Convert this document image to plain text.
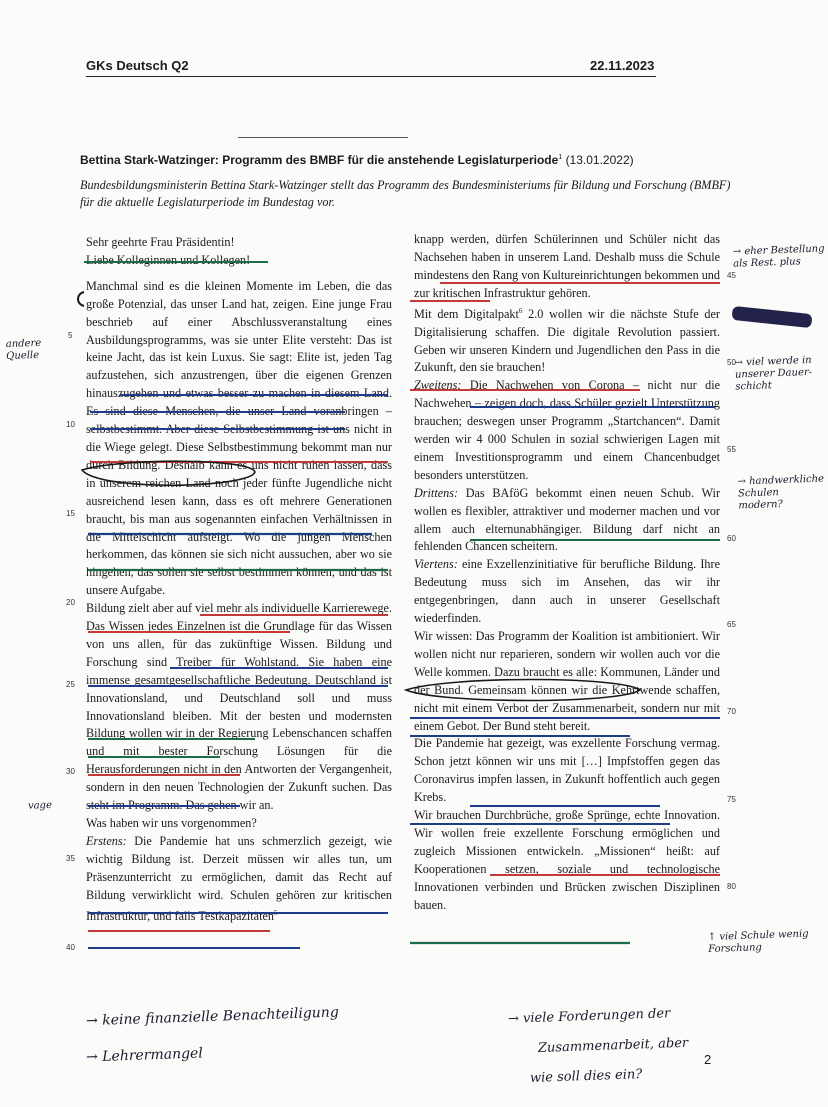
GKs Deutsch Q2	22.11.2023
Bettina Stark-Watzinger: Programm des BMBF für die anstehende Legislaturperiode$^1$ (13.01.2022)
Bundesbildungsministerin Bettina Stark-Watzinger stellt das Programm des Bundesministeriums für Bildung und Forschung (BMBF) für die aktuelle Legislaturperiode im Bundestag vor.

Sehr geehrte Frau Präsidentin!

Liebe Kolleginnen und Kollegen!

Manchmal sind es die kleinen Momente im Leben, die das große Potenzial, das unser Land hat, zeigen. Eine junge Frau beschrieb auf einer Abschlussveranstaltung eines Ausbildungsprogramms, was sie unter Elite versteht: Das ist keine Jacht, das ist kein Luxus. Sie sagt: Elite ist, jeden Tag aufzustehen, sich anzustrengen, über die eigenen Grenzen hinauszugehen und etwas besser zu machen in diesem Land. Es sind diese Menschen, die unser Land voranbringen – selbstbestimmt. Aber diese Selbstbestimmung ist uns nicht in die Wiege gelegt. Diese Selbstbestimmung bekommt man nur durch Bildung. Deshalb kann es uns nicht ruhen lassen, dass in unserem reichen Land noch jeder fünfte Jugendliche nicht ausreichend lesen kann, dass es oft mehrere Generationen braucht, bis man aus sogenannten einfachen Verhältnissen in die Mittelschicht aufsteigt. Wo die jungen Menschen herkommen, das können sie sich nicht aussuchen, aber wo sie hingehen, das sollen sie selbst bestimmen können, und das ist unsere Aufgabe.

Bildung zielt aber auf viel mehr als individuelle Karrierewege. Das Wissen jedes Einzelnen ist die Grundlage für das Wissen von uns allen, für das zukünftige Wissen. Bildung und Forschung sind Treiber für Wohlstand. Sie haben eine immense gesamtgesellschaftliche Bedeutung. Deutschland ist Innovationsland, und Deutschland soll und muss Innovationsland bleiben. Mit der besten und modernsten Bildung wollen wir in der Regierung Lebenschancen schaffen und mit bester Forschung Lösungen für die Herausforderungen nicht in den Antworten der Vergangenheit, sondern in den neuen Technologien der Zukunft suchen. Das steht im Programm. Das gehen wir an.

Was haben wir uns vorgenommen?

Erstens: Die Pandemie hat uns schmerzlich gezeigt, wie wichtig Bildung ist. Derzeit müssen wir alles tun, um Präsenzunterricht zu ermöglichen, damit das Recht auf Bildung verwirklicht wird. Schulen gehören zur kritischen Infrastruktur, und falls Testkapazitäten$^5$

knapp werden, dürfen Schülerinnen und Schüler nicht das Nachsehen haben in unserem Land. Deshalb muss die Schule mindestens den Rang von Kultureinrichtungen bekommen und zur kritischen Infrastruktur gehören.

Mit dem Digitalpakt$^6$ 2.0 wollen wir die nächste Stufe der Digitalisierung schaffen. Die digitale Revolution passiert. Geben wir unseren Kindern und Jugendlichen den Pass in die Zukunft, den sie brauchen!

Zweitens: Die Nachwehen von Corona – nicht nur die Nachwehen – zeigen doch, dass Schüler gezielt Unterstützung brauchen; deswegen unser Programm „Startchancen“. Damit werden wir 4 000 Schulen in sozial schwierigen Lagen mit einem Investitionsprogramm und einem Chancenbudget besonders unterstützen.

Drittens: Das BAföG bekommt einen neuen Schub. Wir wollen es flexibler, attraktiver und moderner machen und vor allem auch elternunabhängiger. Bildung darf nicht an fehlenden Chancen scheitern.

Viertens: eine Exzellenzinitiative für berufliche Bildung. Ihre Bedeutung muss sich im Ansehen, das wir ihr entgegenbringen, dann auch in unserer Gesellschaft wiederfinden.

Wir wissen: Das Programm der Koalition ist ambitioniert. Wir wollen nicht nur reparieren, sondern wir wollen auch vor die Welle kommen. Dazu braucht es alle: Kommunen, Länder und der Bund. Gemeinsam können wir die Kehrtwende schaffen, nicht mit einem Verbot der Zusammenarbeit, sondern nur mit einem Gebot. Der Bund steht bereit.

Die Pandemie hat gezeigt, was exzellente Forschung vermag. Schon jetzt können wir uns mit […] Impfstoffen gegen das Coronavirus impfen lassen, in Zukunft hoffentlich auch gegen Krebs.

Wir brauchen Durchbrüche, große Sprünge, echte Innovation. Wir wollen freie exzellente Forschung ermöglichen und zugleich Missionen entwickeln. „Missionen“ heißt: auf Kooperationen setzen, soziale und technologische Innovationen verbinden und Brücken zwischen Disziplinen bauen.

5
10
15
20
25
30
35
40
45
50
55
60
65
70
75
80
andere Quelle
vage
→ eher Bestellung als Rest. plus
→ viel werde in unserer Dauer-schicht
→ handwerkliche Schulen modern?
↑ viel Schule wenig Forschung
→ keine finanzielle Benachteiligung
→ Lehrermangel
→ viele Forderungen der
Zusammenarbeit, aber
wie soll dies ein?
2
